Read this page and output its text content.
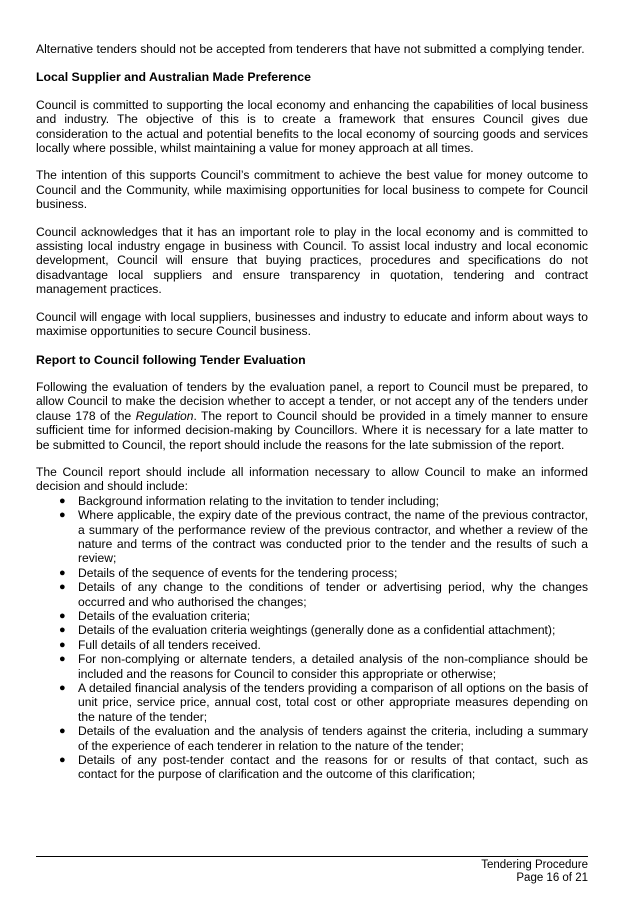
Alternative tenders should not be accepted from tenderers that have not submitted a complying tender.

Local Supplier and Australian Made Preference

Council is committed to supporting the local economy and enhancing the capabilities of local business and industry. The objective of this is to create a framework that ensures Council gives due consideration to the actual and potential benefits to the local economy of sourcing goods and services locally where possible, whilst maintaining a value for money approach at all times.

The intention of this supports Council’s commitment to achieve the best value for money outcome to Council and the Community, while maximising opportunities for local business to compete for Council business.

Council acknowledges that it has an important role to play in the local economy and is committed to assisting local industry engage in business with Council. To assist local industry and local economic development, Council will ensure that buying practices, procedures and specifications do not disadvantage local suppliers and ensure transparency in quotation, tendering and contract management practices.

Council will engage with local suppliers, businesses and industry to educate and inform about ways to maximise opportunities to secure Council business.

Report to Council following Tender Evaluation

Following the evaluation of tenders by the evaluation panel, a report to Council must be prepared, to allow Council to make the decision whether to accept a tender, or not accept any of the tenders under clause 178 of the Regulation. The report to Council should be provided in a timely manner to ensure sufficient time for informed decision-making by Councillors. Where it is necessary for a late matter to be submitted to Council, the report should include the reasons for the late submission of the report.

The Council report should include all information necessary to allow Council to make an informed decision and should include:

● Background information relating to the invitation to tender including;
● Where applicable, the expiry date of the previous contract, the name of the previous contractor, a summary of the performance review of the previous contractor, and whether a review of the nature and terms of the contract was conducted prior to the tender and the results of such a review;
● Details of the sequence of events for the tendering process;
● Details of any change to the conditions of tender or advertising period, why the changes occurred and who authorised the changes;
● Details of the evaluation criteria;
● Details of the evaluation criteria weightings (generally done as a confidential attachment);
● Full details of all tenders received.
● For non-complying or alternate tenders, a detailed analysis of the non-compliance should be included and the reasons for Council to consider this appropriate or otherwise;
● A detailed financial analysis of the tenders providing a comparison of all options on the basis of unit price, service price, annual cost, total cost or other appropriate measures depending on the nature of the tender;
● Details of the evaluation and the analysis of tenders against the criteria, including a summary of the experience of each tenderer in relation to the nature of the tender;
● Details of any post-tender contact and the reasons for or results of that contact, such as contact for the purpose of clarification and the outcome of this clarification;
Tendering Procedure
Page 16 of 21
